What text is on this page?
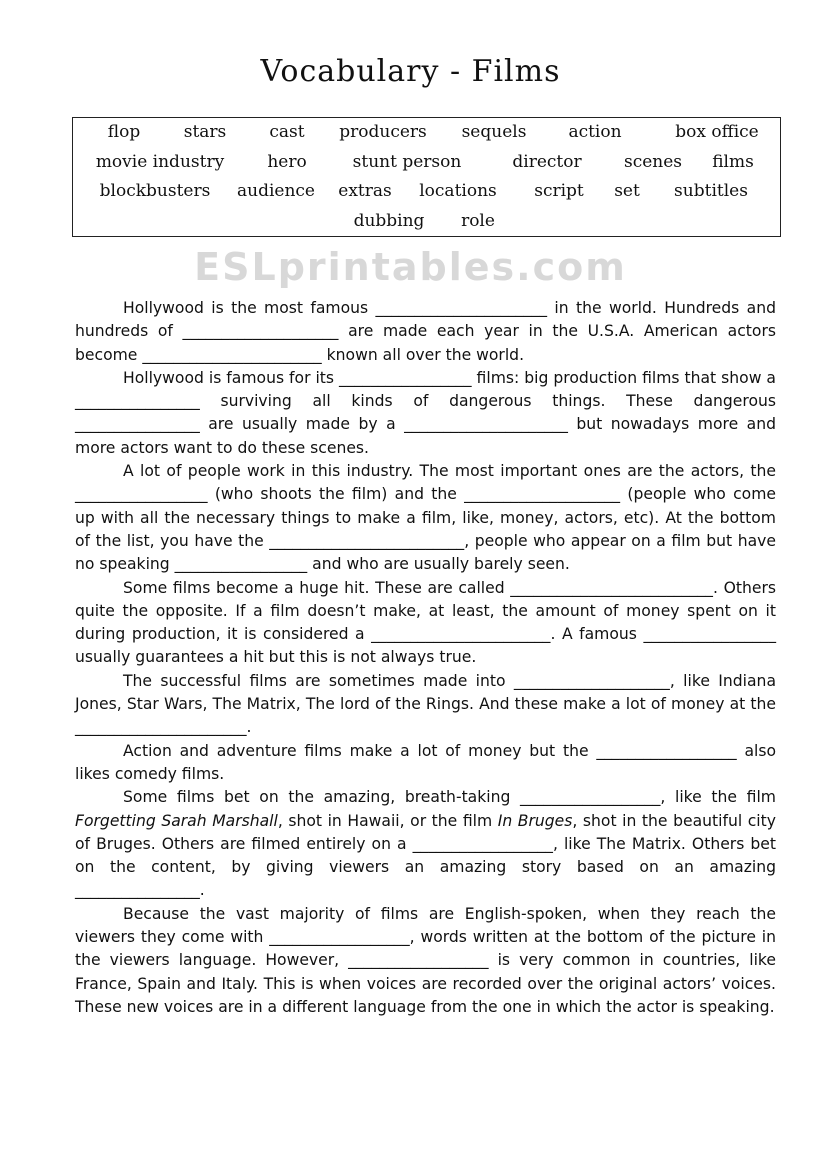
Vocabulary - Films
flop	stars	cast producers sequels action	box office
movie industry	hero	stunt person	director scenes films
blockbusters audience extras locations script set subtitles
dubbing role
ESLprintables.com

Hollywood is the most famous ______________________ in the world. Hundreds and hundreds of ____________________ are made each year in the U.S.A. American actors become _______________________ known all over the world.

Hollywood is famous for its _________________ films: big production films that show a ________________ surviving all kinds of dangerous things. These dangerous ________________ are usually made by a _____________________ but nowadays more and more actors want to do these scenes.

A lot of people work in this industry. The most important ones are the actors, the _________________ (who shoots the film) and the ____________________ (people who come up with all the necessary things to make a film, like, money, actors, etc). At the bottom of the list, you have the _________________________, people who appear on a film but have no speaking _________________ and who are usually barely seen.

Some films become a huge hit. These are called __________________________. Others quite the opposite. If a film doesn’t make, at least, the amount of money spent on it during production, it is considered a _______________________. A famous _________________ usually guarantees a hit but this is not always true.

The successful films are sometimes made into ____________________, like Indiana Jones, Star Wars, The Matrix, The lord of the Rings. And these make a lot of money at the ______________________.

Action and adventure films make a lot of money but the __________________ also likes comedy films.

Some films bet on the amazing, breath-taking __________________, like the film Forgetting Sarah Marshall, shot in Hawaii, or the film In Bruges, shot in the beautiful city of Bruges. Others are filmed entirely on a __________________, like The Matrix. Others bet on the content, by giving viewers an amazing story based on an amazing ________________.

Because the vast majority of films are English-spoken, when they reach the viewers they come with __________________, words written at the bottom of the picture in the viewers language. However, __________________ is very common in countries, like France, Spain and Italy. This is when voices are recorded over the original actors’ voices. These new voices are in a different language from the one in which the actor is speaking.
